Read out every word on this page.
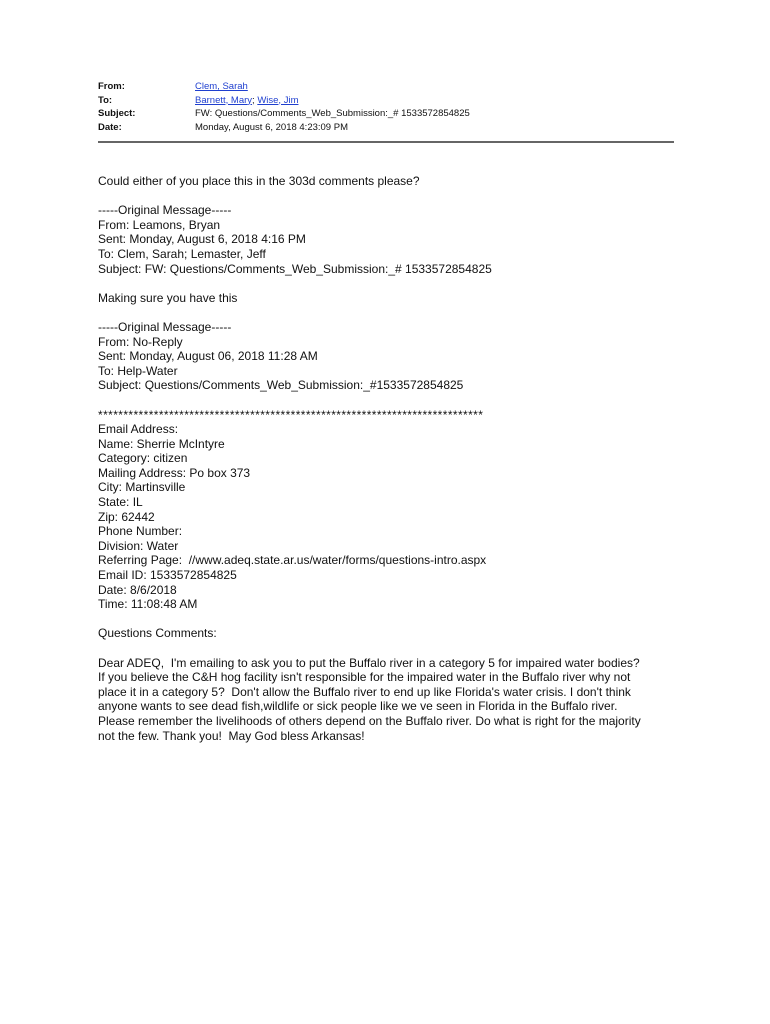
From:	Clem, Sarah
To:	Barnett, Mary; Wise, Jim
Subject:	FW: Questions/Comments_Web_Submission:_# 1533572854825
Date:	Monday, August 6, 2018 4:23:09 PM
Could either of you place this in the 303d comments please?
-----Original Message-----
From: Leamons, Bryan
Sent: Monday, August 6, 2018 4:16 PM
To: Clem, Sarah; Lemaster, Jeff
Subject: FW: Questions/Comments_Web_Submission:_# 1533572854825
Making sure you have this
-----Original Message-----
From: No-Reply
Sent: Monday, August 06, 2018 11:28 AM
To: Help-Water
Subject: Questions/Comments_Web_Submission:_#1533572854825
****************************************************************************
Email Address:
Name: Sherrie McIntyre
Category: citizen
Mailing Address: Po box 373
City: Martinsville
State: IL
Zip: 62442
Phone Number:
Division: Water
Referring Page:  //www.adeq.state.ar.us/water/forms/questions-intro.aspx
Email ID: 1533572854825
Date: 8/6/2018
Time: 11:08:48 AM
Questions Comments:
Dear ADEQ,  I'm emailing to ask you to put the Buffalo river in a category 5 for impaired water bodies?
If you believe the C&H hog facility isn't responsible for the impaired water in the Buffalo river why not
place it in a category 5?  Don't allow the Buffalo river to end up like Florida's water crisis. I don't think
anyone wants to see dead fish,wildlife or sick people like we ve seen in Florida in the Buffalo river.
Please remember the livelihoods of others depend on the Buffalo river. Do what is right for the majority
not the few. Thank you!  May God bless Arkansas!
